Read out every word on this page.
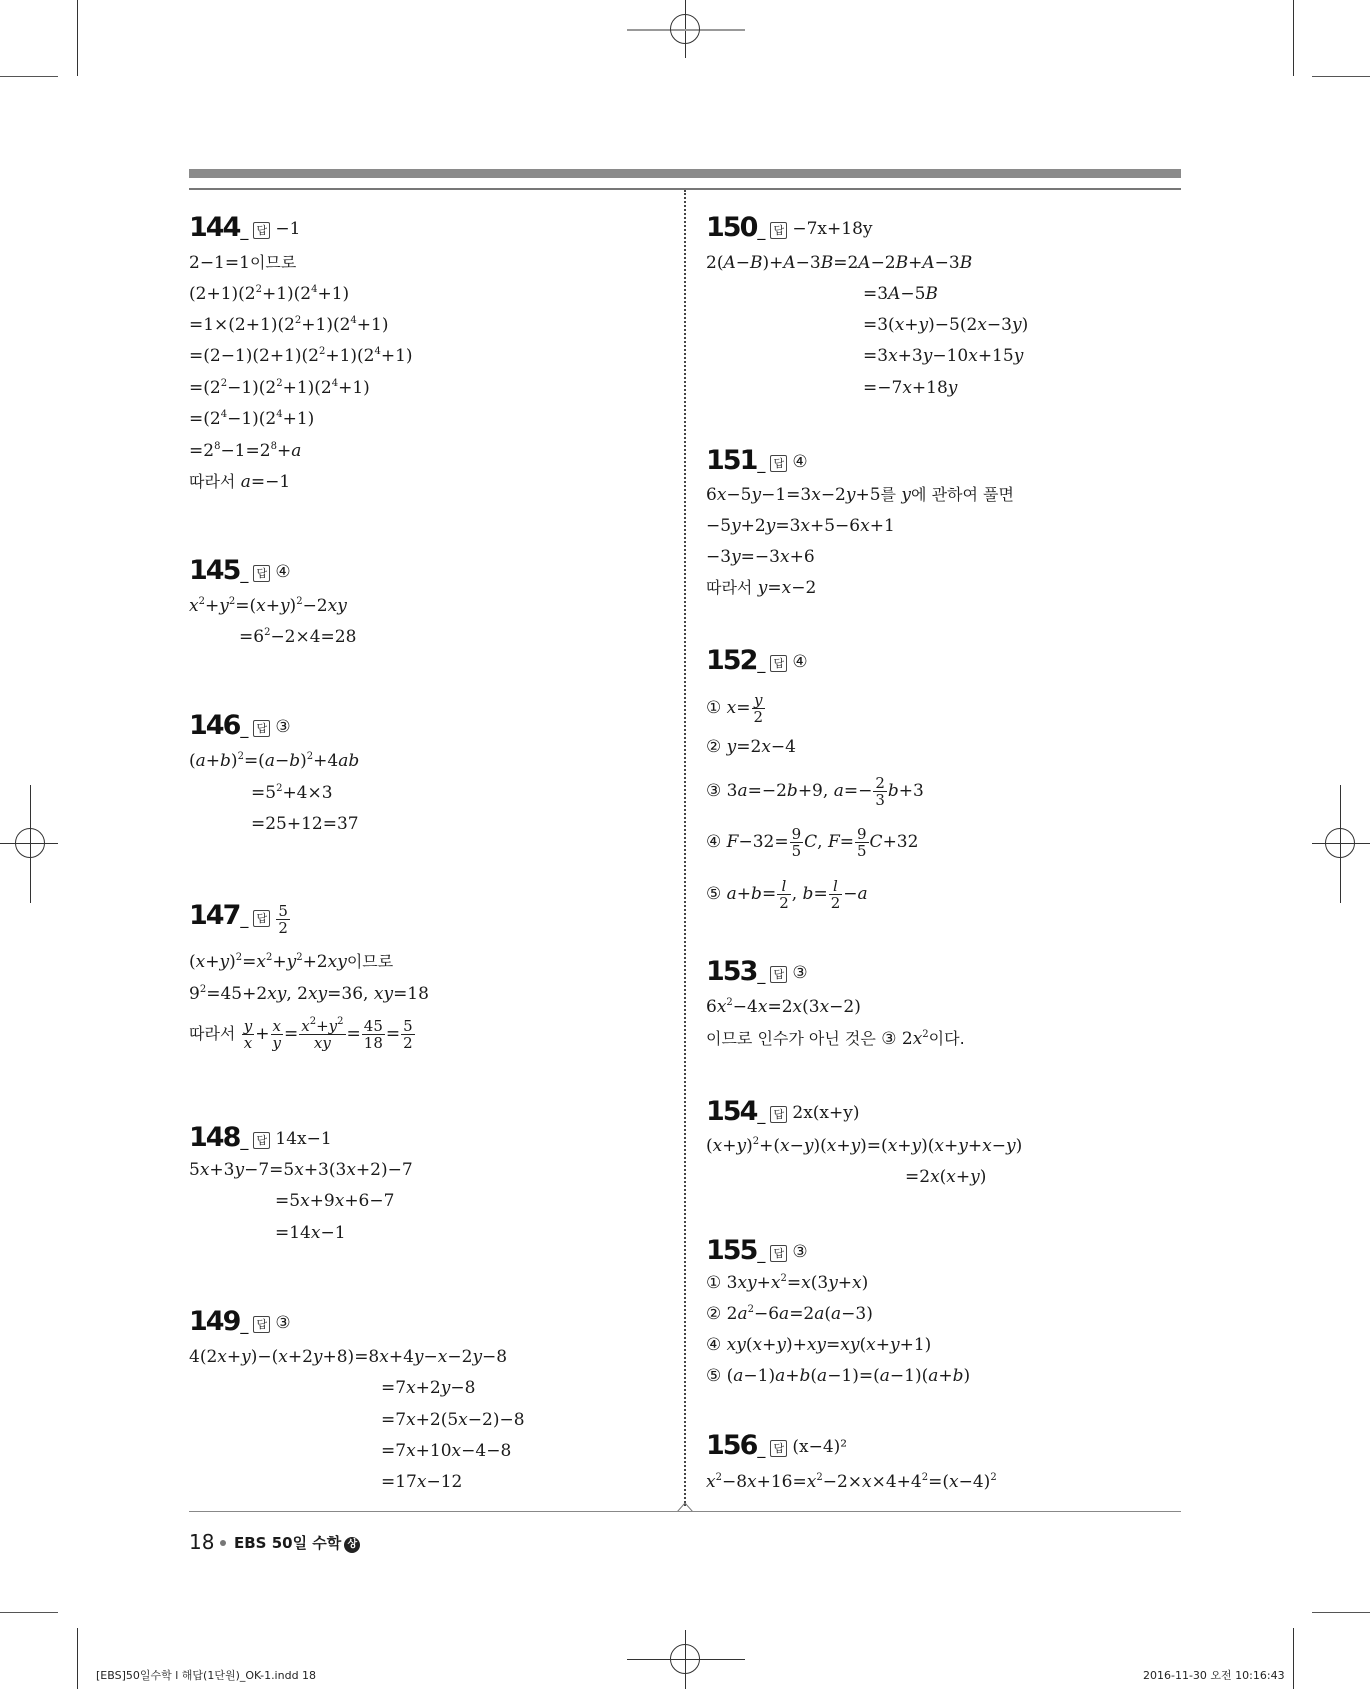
144_ 답 −1
2−1=1이므로
$(2+1)(2^2+1)(2^4+1)$
$=1\times(2+1)(2^2+1)(2^4+1)$
$=(2-1)(2+1)(2^2+1)(2^4+1)$
$=(2^2-1)(2^2+1)(2^4+1)$
$=(2^4-1)(2^4+1)$
$=2^8-1=2^8+a$
따라서 a=−1
145_ 답 ④
$x^2+y^2=(x+y)^2-2xy$
$=6^2-2\times 4=28$
146_ 답 ③
$(a+b)^2=(a-b)^2+4ab$
$=5^2+4\times 3$
=25+12=37
147_ 답 $\frac{5}{2}$
$(x+y)^2=x^2+y^2+2xy$이므로
$9^2=45+2xy$, 2xy=36, xy=18
따라서 $\frac{y}{x} + \frac{x}{y} = \frac{x^2+y^2}{xy} = \frac{45}{18} = \frac{5}{2}$
148_ 답 14x−1
5x+3y−7=5x+3(3x+2)−7
=5x+9x+6−7
=14x−1
149_ 답 ③
4(2x+y)−(x+2y+8)=8x+4y−x−2y−8
=7x+2y−8
=7x+2(5x−2)−8
=7x+10x−4−8
=17x−12
150_ 답 −7x+18y
2(A−B)+A−3B=2A−2B+A−3B
=3A−5B
=3(x+y)−5(2x−3y)
=3x+3y−10x+15y
=−7x+18y
151_ 답 ④
6x−5y−1=3x−2y+5를 y에 관하여 풀면
−5y+2y=3x+5−6x+1
−3y=−3x+6
따라서 y=x−2
152_ 답 ④
① $x= \frac{y}{2}$
② y=2x−4
③ 3a=−2b+9, $a=- \frac{2}{3} b+3$
④ $F-32= \frac{9}{5} C$, $F= \frac{9}{5} C+32$
⑤ $a+b= \frac{l}{2}$ , $b= \frac{l}{2} -a$
153_ 답 ③
$6x^2-4x=2x(3x-2)$
이므로 인수가 아닌 것은 ③ $2x^2$이다.
154_ 답 2x(x+y)
$(x+y)^2+(x-y)(x+y)=(x+y)(x+y+x-y)$
=2x(x+y)
155_ 답 ③
① $3xy+x^2=x(3y+x)$
② $2a^2-6a=2a(a-3)$
④ xy(x+y)+xy=xy(x+y+1)
⑤ (a−1)a+b(a−1)=(a−1)(a+b)
156_ 답 (x−4)²
$x^2-8x+16=x^2-2\times x\times 4+4^2=(x-4)^2$
18 EBS 50일 수학 상
[EBS]50일수학 l 해답(1단원)_OK-1.indd 18	2016-11-30 오전 10:16:43
